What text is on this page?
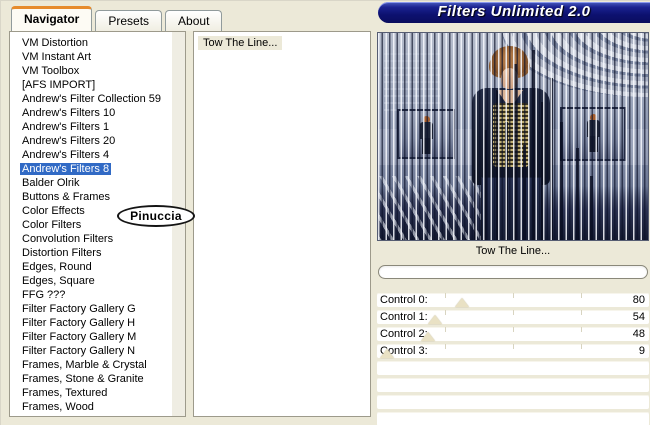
Navigator	Presets	About
Filters Unlimited 2.0
VM Distortion
VM Instant Art
VM Toolbox
[AFS IMPORT]
Andrew's Filter Collection 59
Andrew's Filters 10
Andrew's Filters 1
Andrew's Filters 20
Andrew's Filters 4
Andrew's Filters 8
Balder Olrik
Buttons & Frames
Color Effects
Color Filters
Convolution Filters
Distortion Filters
Edges, Round
Edges, Square
FFG ???
Filter Factory Gallery G
Filter Factory Gallery H
Filter Factory Gallery M
Filter Factory Gallery N
Frames, Marble & Crystal
Frames, Stone & Granite
Frames, Textured
Frames, Wood
Tow The Line...
Pinuccia
Tow The Line...
Control 0:	80
Control 1:	54
Control 2:	48
Control 3:	9
